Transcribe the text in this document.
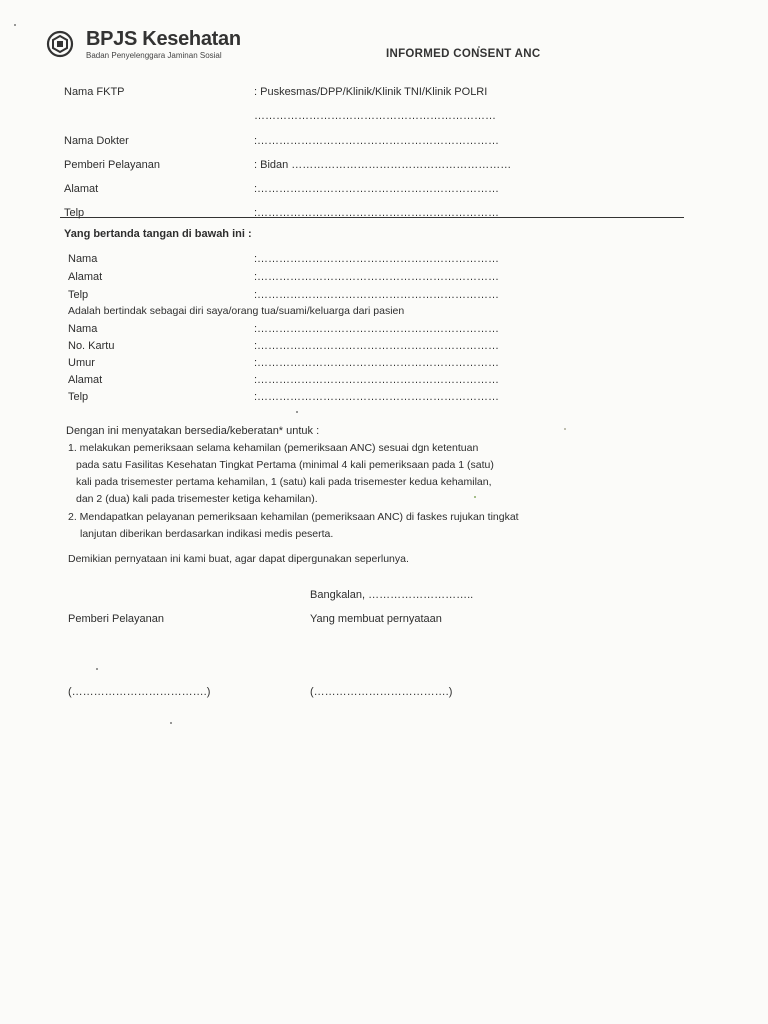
BPJS Kesehatan
Badan Penyelenggara Jaminan Sosial	INFORMED CONSENT ANC
Nama FKTP	: Puskesmas/DPP/Klinik/Klinik TNI/Klinik POLRI
…………………………………………………………
Nama Dokter	:…………………………………………………………
Pemberi Pelayanan	: Bidan ……………………………………………………
Alamat	:…………………………………………………………
Telp	:…………………………………………………………
Yang bertanda tangan di bawah ini :
Nama	:…………………………………………………………
Alamat	:…………………………………………………………
Telp	:…………………………………………………………
Adalah bertindak sebagai diri saya/orang tua/suami/keluarga dari pasien
Nama	:…………………………………………………………
No. Kartu	:…………………………………………………………
Umur	:…………………………………………………………
Alamat	:…………………………………………………………
Telp	:…………………………………………………………
Dengan ini menyatakan bersedia/keberatan* untuk :
1. melakukan pemeriksaan selama kehamilan (pemeriksaan ANC) sesuai dgn ketentuan
pada satu Fasilitas Kesehatan Tingkat Pertama (minimal 4 kali pemeriksaan pada 1 (satu)
kali pada trisemester pertama kehamilan, 1 (satu) kali pada trisemester kedua kehamilan,
dan 2 (dua) kali pada trisemester ketiga kehamilan).
2. Mendapatkan pelayanan pemeriksaan kehamilan (pemeriksaan ANC) di faskes rujukan tingkat
lanjutan diberikan berdasarkan indikasi medis peserta.
Demikian pernyataan ini kami buat, agar dapat dipergunakan seperlunya.
Bangkalan, ………………………..
Pemberi Pelayanan	Yang membuat pernyataan
(……………………………….)	(……………………………….)
